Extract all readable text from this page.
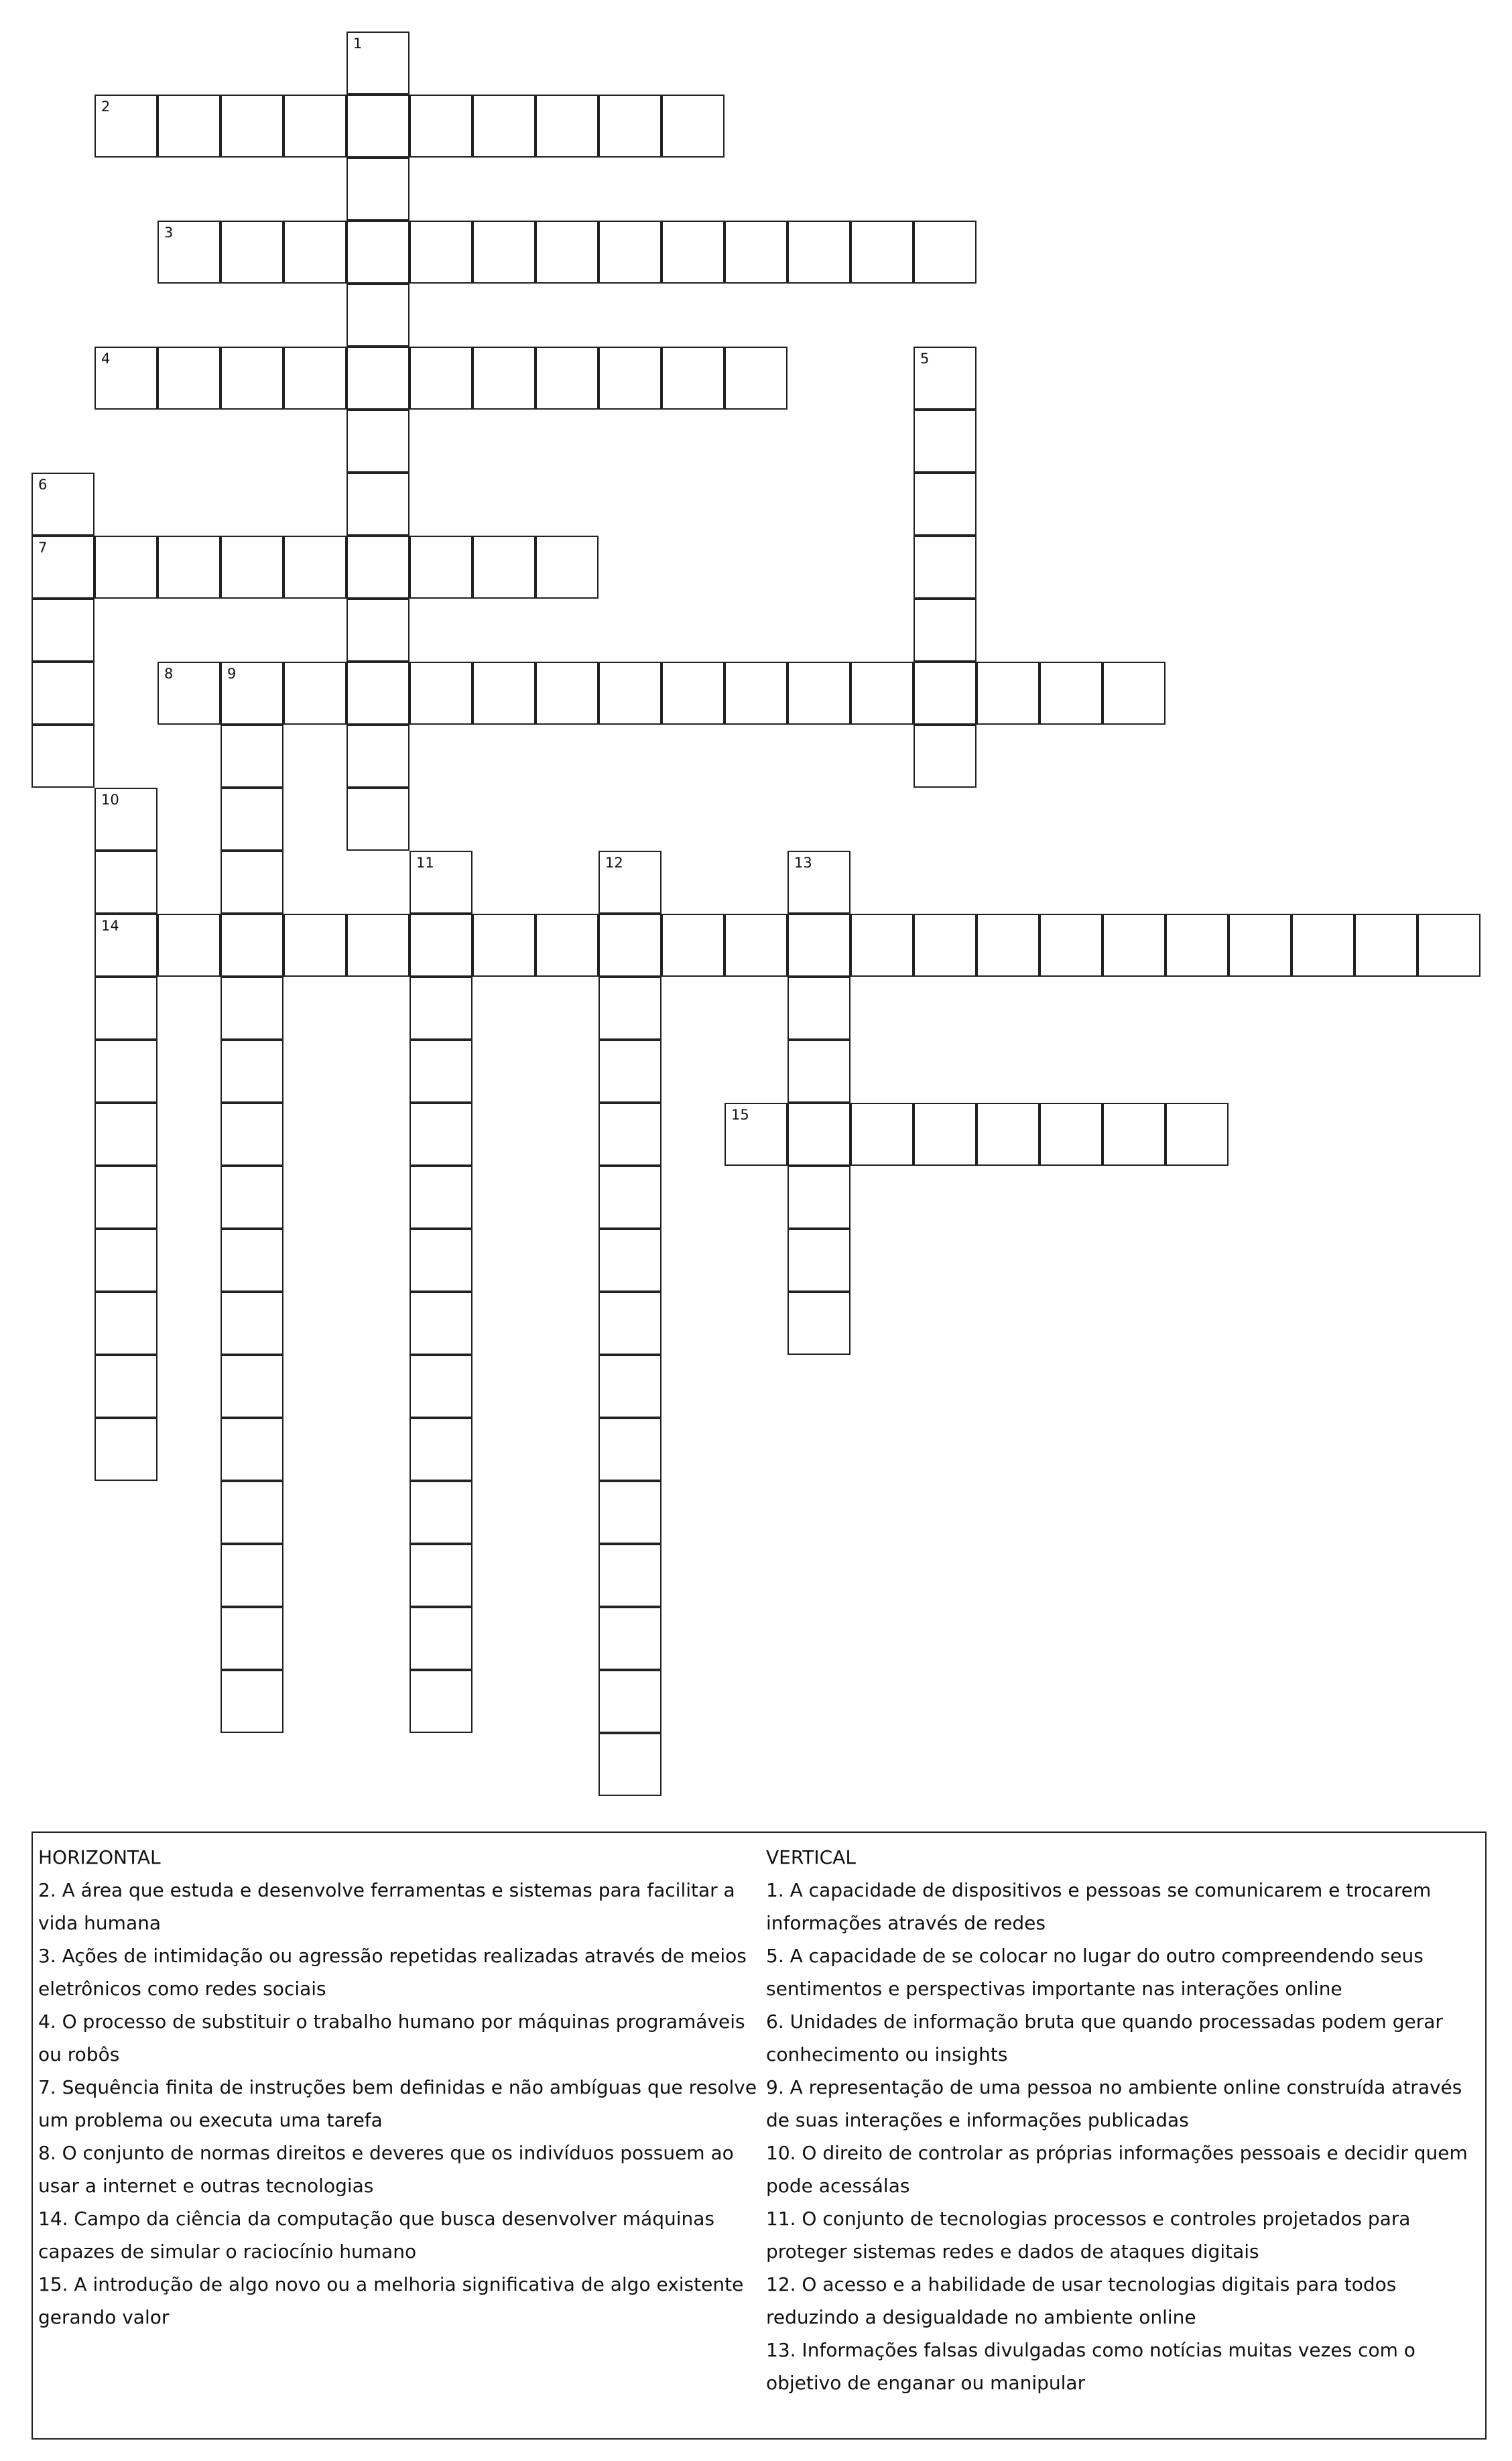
1
2
3
4	5
6
7
8	9
10
14
11	12	13
15
HORIZONTAL

2. A área que estuda e desenvolve ferramentas e sistemas para facilitar a vida humana

3. Ações de intimidação ou agressão repetidas realizadas através de meios eletrônicos como redes sociais

4. O processo de substituir o trabalho humano por máquinas programáveis ou robôs

7. Sequência finita de instruções bem definidas e não ambíguas que resolve um problema ou executa uma tarefa

8. O conjunto de normas direitos e deveres que os indivíduos possuem ao usar a internet e outras tecnologias

14. Campo da ciência da computação que busca desenvolver máquinas capazes de simular o raciocínio humano

15. A introdução de algo novo ou a melhoria significativa de algo existente gerando valor

VERTICAL

1. A capacidade de dispositivos e pessoas se comunicarem e trocarem informações através de redes

5. A capacidade de se colocar no lugar do outro compreendendo seus sentimentos e perspectivas importante nas interações online

6. Unidades de informação bruta que quando processadas podem gerar conhecimento ou insights

9. A representação de uma pessoa no ambiente online construída através de suas interações e informações publicadas

10. O direito de controlar as próprias informações pessoais e decidir quem pode acessálas

11. O conjunto de tecnologias processos e controles projetados para proteger sistemas redes e dados de ataques digitais

12. O acesso e a habilidade de usar tecnologias digitais para todos reduzindo a desigualdade no ambiente online

13. Informações falsas divulgadas como notícias muitas vezes com o objetivo de enganar ou manipular
